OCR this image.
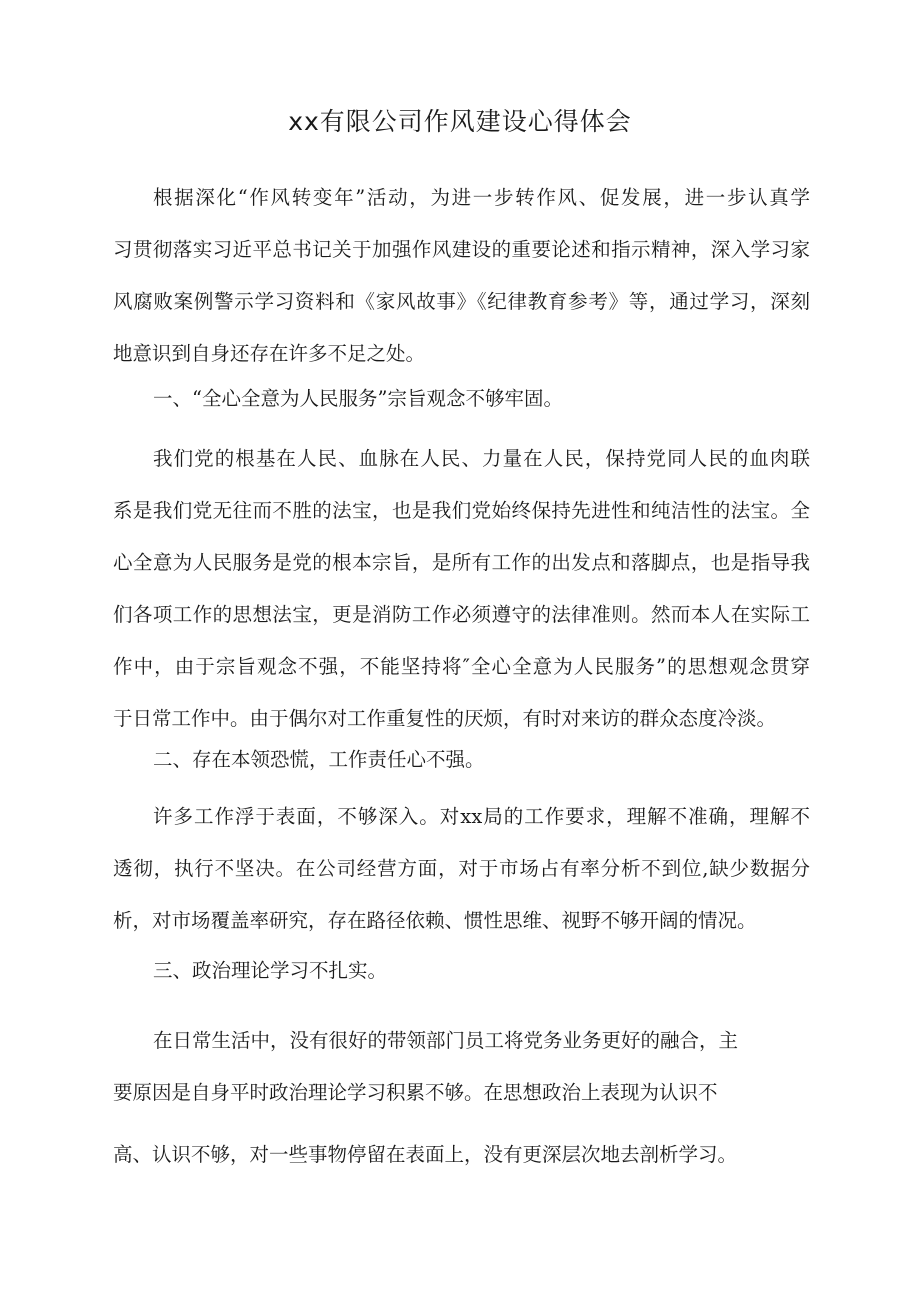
xx有限公司作风建设心得体会
根据深化“作风转变年”活动，为进一步转作风、促发展，进一步认真学
习贯彻落实习近平总书记关于加强作风建设的重要论述和指示精神，深入学习家
风腐败案例警示学习资料和《家风故事》《纪律教育参考》等，通过学习，深刻
地意识到自身还存在许多不足之处。
一、“全心全意为人民服务”宗旨观念不够牢固。
我们党的根基在人民、血脉在人民、力量在人民，保持党同人民的血肉联
系是我们党无往而不胜的法宝，也是我们党始终保持先进性和纯洁性的法宝。全
心全意为人民服务是党的根本宗旨，是所有工作的出发点和落脚点，也是指导我
们各项工作的思想法宝，更是消防工作必须遵守的法律准则。然而本人在实际工
作中，由于宗旨观念不强，不能坚持将″全心全意为人民服务”的思想观念贯穿
于日常工作中。由于偶尔对工作重复性的厌烦，有时对来访的群众态度冷淡。
二、存在本领恐慌，工作责任心不强。
许多工作浮于表面，不够深入。对xx局的工作要求，理解不准确，理解不
透彻，执行不坚决。在公司经营方面，对于市场占有率分析不到位,缺少数据分
析，对市场覆盖率研究，存在路径依赖、惯性思维、视野不够开阔的情况。
三、政治理论学习不扎实。
在日常生活中，没有很好的带领部门员工将党务业务更好的融合，主
要原因是自身平时政治理论学习积累不够。在思想政治上表现为认识不
高、认识不够，对一些事物停留在表面上，没有更深层次地去剖析学习。
